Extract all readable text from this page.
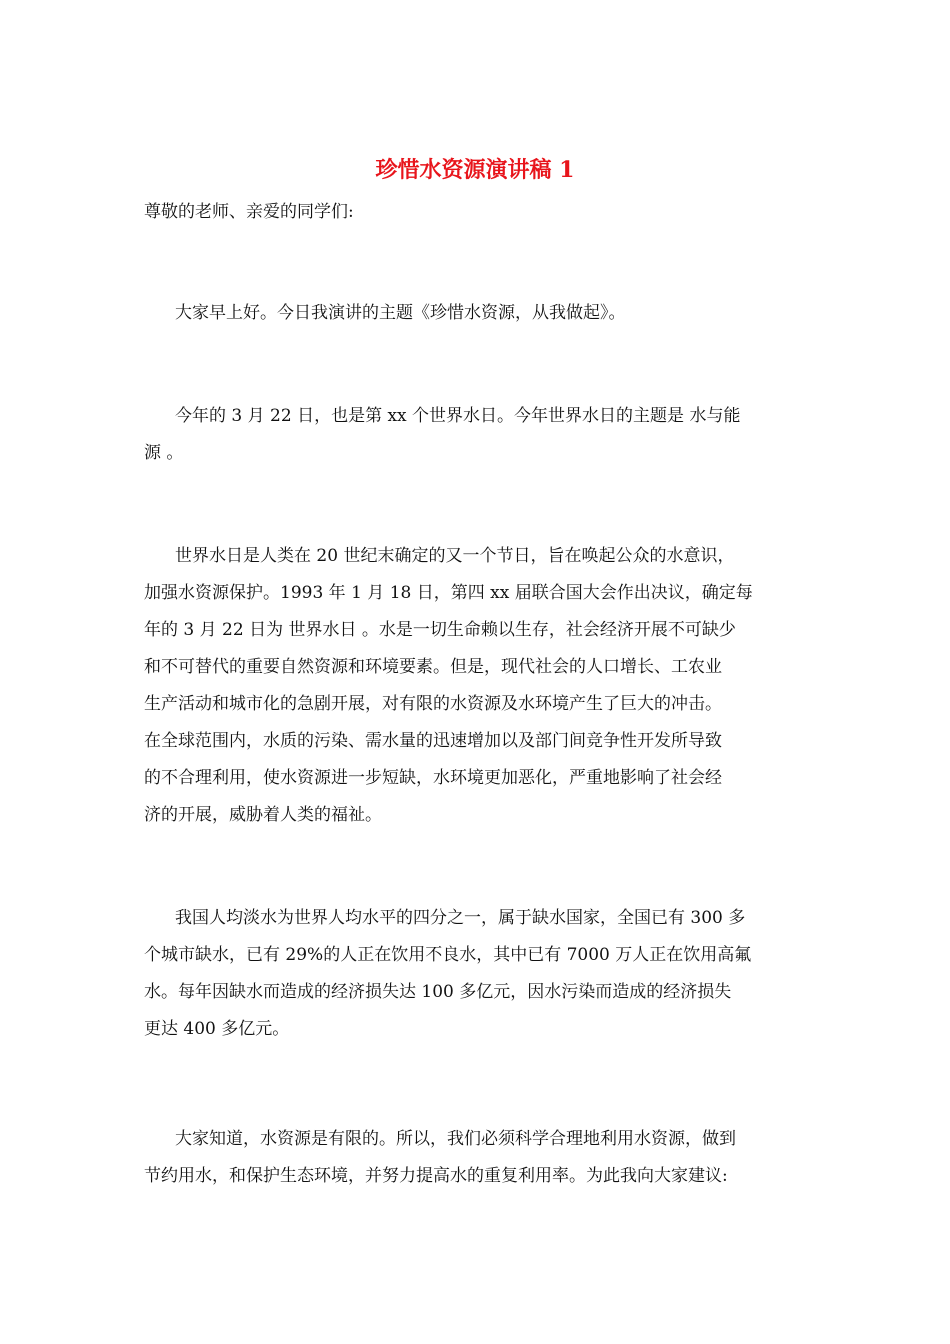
珍惜水资源演讲稿 1
尊敬的老师、亲爱的同学们:
大家早上好。今日我演讲的主题《珍惜水资源，从我做起》。
今年的 3 月 22 日，也是第 xx 个世界水日。今年世界水日的主题是 水与能
源 。
世界水日是人类在 20 世纪末确定的又一个节日，旨在唤起公众的水意识，
加强水资源保护。1993 年 1 月 18 日，第四 xx 届联合国大会作出决议，确定每
年的 3 月 22 日为 世界水日 。水是一切生命赖以生存，社会经济开展不可缺少
和不可替代的重要自然资源和环境要素。但是，现代社会的人口增长、工农业
生产活动和城市化的急剧开展，对有限的水资源及水环境产生了巨大的冲击。
在全球范围内，水质的污染、需水量的迅速增加以及部门间竞争性开发所导致
的不合理利用，使水资源进一步短缺，水环境更加恶化，严重地影响了社会经
济的开展，威胁着人类的福祉。
我国人均淡水为世界人均水平的四分之一，属于缺水国家，全国已有 300 多
个城市缺水，已有 29%的人正在饮用不良水，其中已有 7000 万人正在饮用高氟
水。每年因缺水而造成的经济损失达 100 多亿元，因水污染而造成的经济损失
更达 400 多亿元。
大家知道，水资源是有限的。所以，我们必须科学合理地利用水资源，做到
节约用水，和保护生态环境，并努力提高水的重复利用率。为此我向大家建议:
